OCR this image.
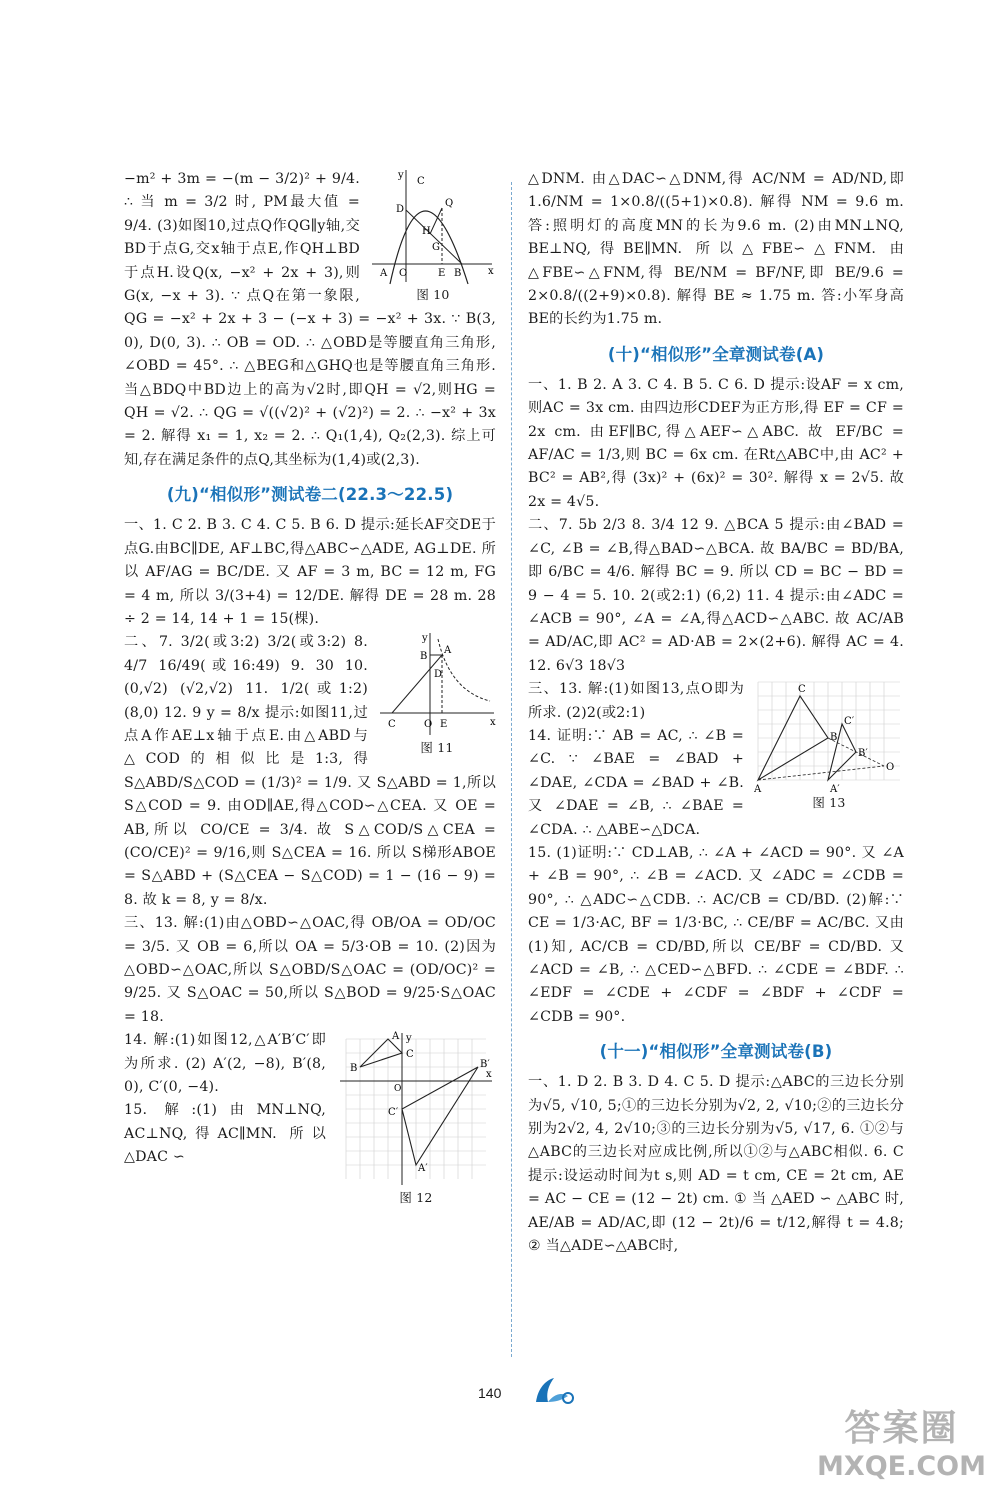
y
x
C
D
Q
H
G
A O	E B
图 10

−m² + 3m = −(m − 3/2)² + 9/4. ∴ 当 m = 3/2 时, PM最大值 = 9/4. (3)如图10,过点Q作QG∥y轴,交BD于点G,交x轴于点E,作QH⊥BD于点H.设Q(x, −x² + 2x + 3),则G(x, −x + 3). ∵ 点Q在第一象限, QG = −x² + 2x + 3 − (−x + 3) = −x² + 3x. ∵ B(3, 0), D(0, 3). ∴ OB = OD. ∴ △OBD是等腰直角三角形, ∠OBD = 45°. ∴ △BEG和△GHQ也是等腰直角三角形. 当△BDQ中BD边上的高为√2时,即QH = √2,则HG = QH = √2. ∴ QG = √((√2)² + (√2)²) = 2. ∴ −x² + 3x = 2. 解得 x₁ = 1, x₂ = 2. ∴ Q₁(1,4), Q₂(2,3). 综上可知,存在满足条件的点Q,其坐标为(1,4)或(2,3).

(九)“相似形”测试卷二(22.3～22.5)

一、1. C 2. B 3. C 4. C 5. B 6. D 提示:延长AF交DE于点G.由BC∥DE, AF⊥BC,得△ABC∽△ADE, AG⊥DE. 所以 AF/AG = BC/DE. 又 AF = 3 m, BC = 12 m, FG = 4 m, 所以 3/(3+4) = 12/DE. 解得 DE = 28 m. 28 ÷ 2 = 14, 14 + 1 = 15(棵).

y
x
A
B
D
C	O E
图 11

二、7. 3/2(或3:2) 3/2(或3:2) 8. 4/7 16/49(或16:49) 9. 30 10. (0,√2) (√2,√2) 11. 1/2(或1:2) (8,0) 12. 9 y = 8/x 提示:如图11,过点A作AE⊥x轴于点E.由△ABD与△COD的相似比是1:3,得 S△ABD/S△COD = (1/3)² = 1/9. 又 S△ABD = 1,所以 S△COD = 9. 由OD∥AE,得△COD∽△CEA. 又 OE = AB,所以 CO/CE = 3/4. 故 S△COD/S△CEA = (CO/CE)² = 9/16,则 S△CEA = 16. 所以 S梯形ABOE = S△ABD + (S△CEA − S△COD) = 1 − (16 − 9) = 8. 故 k = 8, y = 8/x.

三、13. 解:(1)由△OBD∽△OAC,得 OB/OA = OD/OC = 3/5. 又 OB = 6,所以 OA = 5/3·OB = 10. (2)因为△OBD∽△OAC,所以 S△OBD/S△OAC = (OD/OC)² = 9/25. 又 S△OAC = 50,所以 S△BOD = 9/25·S△OAC = 18.

A
B
C
B′
C′
A′
x
y
O
图 12

14. 解:(1)如图12,△A′B′C′即为所求. (2) A′(2, −8), B′(8, 0), C′(0, −4).

15. 解:(1)由MN⊥NQ, AC⊥NQ,得AC∥MN. 所以 △DAC ∽

△DNM. 由△DAC∽△DNM,得 AC/NM = AD/ND,即 1.6/NM = 1×0.8/((5+1)×0.8). 解得 NM = 9.6 m. 答:照明灯的高度MN的长为9.6 m. (2)由MN⊥NQ, BE⊥NQ,得BE∥MN. 所以△FBE∽△FNM. 由△FBE∽△FNM,得 BE/NM = BF/NF,即 BE/9.6 = 2×0.8/((2+9)×0.8). 解得 BE ≈ 1.75 m. 答:小军身高BE的长约为1.75 m.

(十)“相似形”全章测试卷(A)

一、1. B 2. A 3. C 4. B 5. C 6. D 提示:设AF = x cm,则AC = 3x cm. 由四边形CDEF为正方形,得 EF = CF = 2x cm. 由EF∥BC,得△AEF∽△ABC. 故 EF/BC = AF/AC = 1/3,则 BC = 6x cm. 在Rt△ABC中,由 AC² + BC² = AB²,得 (3x)² + (6x)² = 30². 解得 x = 2√5. 故 2x = 4√5.

二、7. 5b 2/3 8. 3/4 12 9. △BCA 5 提示:由∠BAD = ∠C, ∠B = ∠B,得△BAD∽△BCA. 故 BA/BC = BD/BA,即 6/BC = 4/6. 解得 BC = 9. 所以 CD = BC − BD = 9 − 4 = 5. 10. 2(或2:1) (6,2) 11. 4 提示:由∠ADC = ∠ACB = 90°, ∠A = ∠A,得△ACD∽△ABC. 故 AC/AB = AD/AC,即 AC² = AD·AB = 2×(2+6). 解得 AC = 4. 12. 6√3 18√3

C
A
B
C′
A′
B′
O
图 13

三、13. 解:(1)如图13,点O即为所求. (2)2(或2:1)

14. 证明:∵ AB = AC, ∴ ∠B = ∠C. ∵ ∠BAE = ∠BAD + ∠DAE, ∠CDA = ∠BAD + ∠B. 又 ∠DAE = ∠B, ∴ ∠BAE = ∠CDA. ∴ △ABE∽△DCA.

15. (1)证明:∵ CD⊥AB, ∴ ∠A + ∠ACD = 90°. 又 ∠A + ∠B = 90°, ∴ ∠B = ∠ACD. 又 ∠ADC = ∠CDB = 90°, ∴ △ADC∽△CDB. ∴ AC/CB = CD/BD. (2)解:∵ CE = 1/3·AC, BF = 1/3·BC, ∴ CE/BF = AC/BC. 又由(1)知, AC/CB = CD/BD,所以 CE/BF = CD/BD. 又 ∠ACD = ∠B, ∴ △CED∽△BFD. ∴ ∠CDE = ∠BDF. ∴ ∠EDF = ∠CDE + ∠CDF = ∠BDF + ∠CDF = ∠CDB = 90°.

(十一)“相似形”全章测试卷(B)

一、1. D 2. B 3. D 4. C 5. D 提示:△ABC的三边长分别为√5, √10, 5;①的三边长分别为√2, 2, √10;②的三边长分别为2√2, 4, 2√10;③的三边长分别为√5, √17, 6. ①②与△ABC的三边长对应成比例,所以①②与△ABC相似. 6. C 提示:设运动时间为t s,则 AD = t cm, CE = 2t cm, AE = AC − CE = (12 − 2t) cm. ① 当 △AED ∽ △ABC 时, AE/AB = AD/AC,即 (12 − 2t)/6 = t/12,解得 t = 4.8; ② 当△ADE∽△ABC时,

140
答案圈
MXQE.COM
